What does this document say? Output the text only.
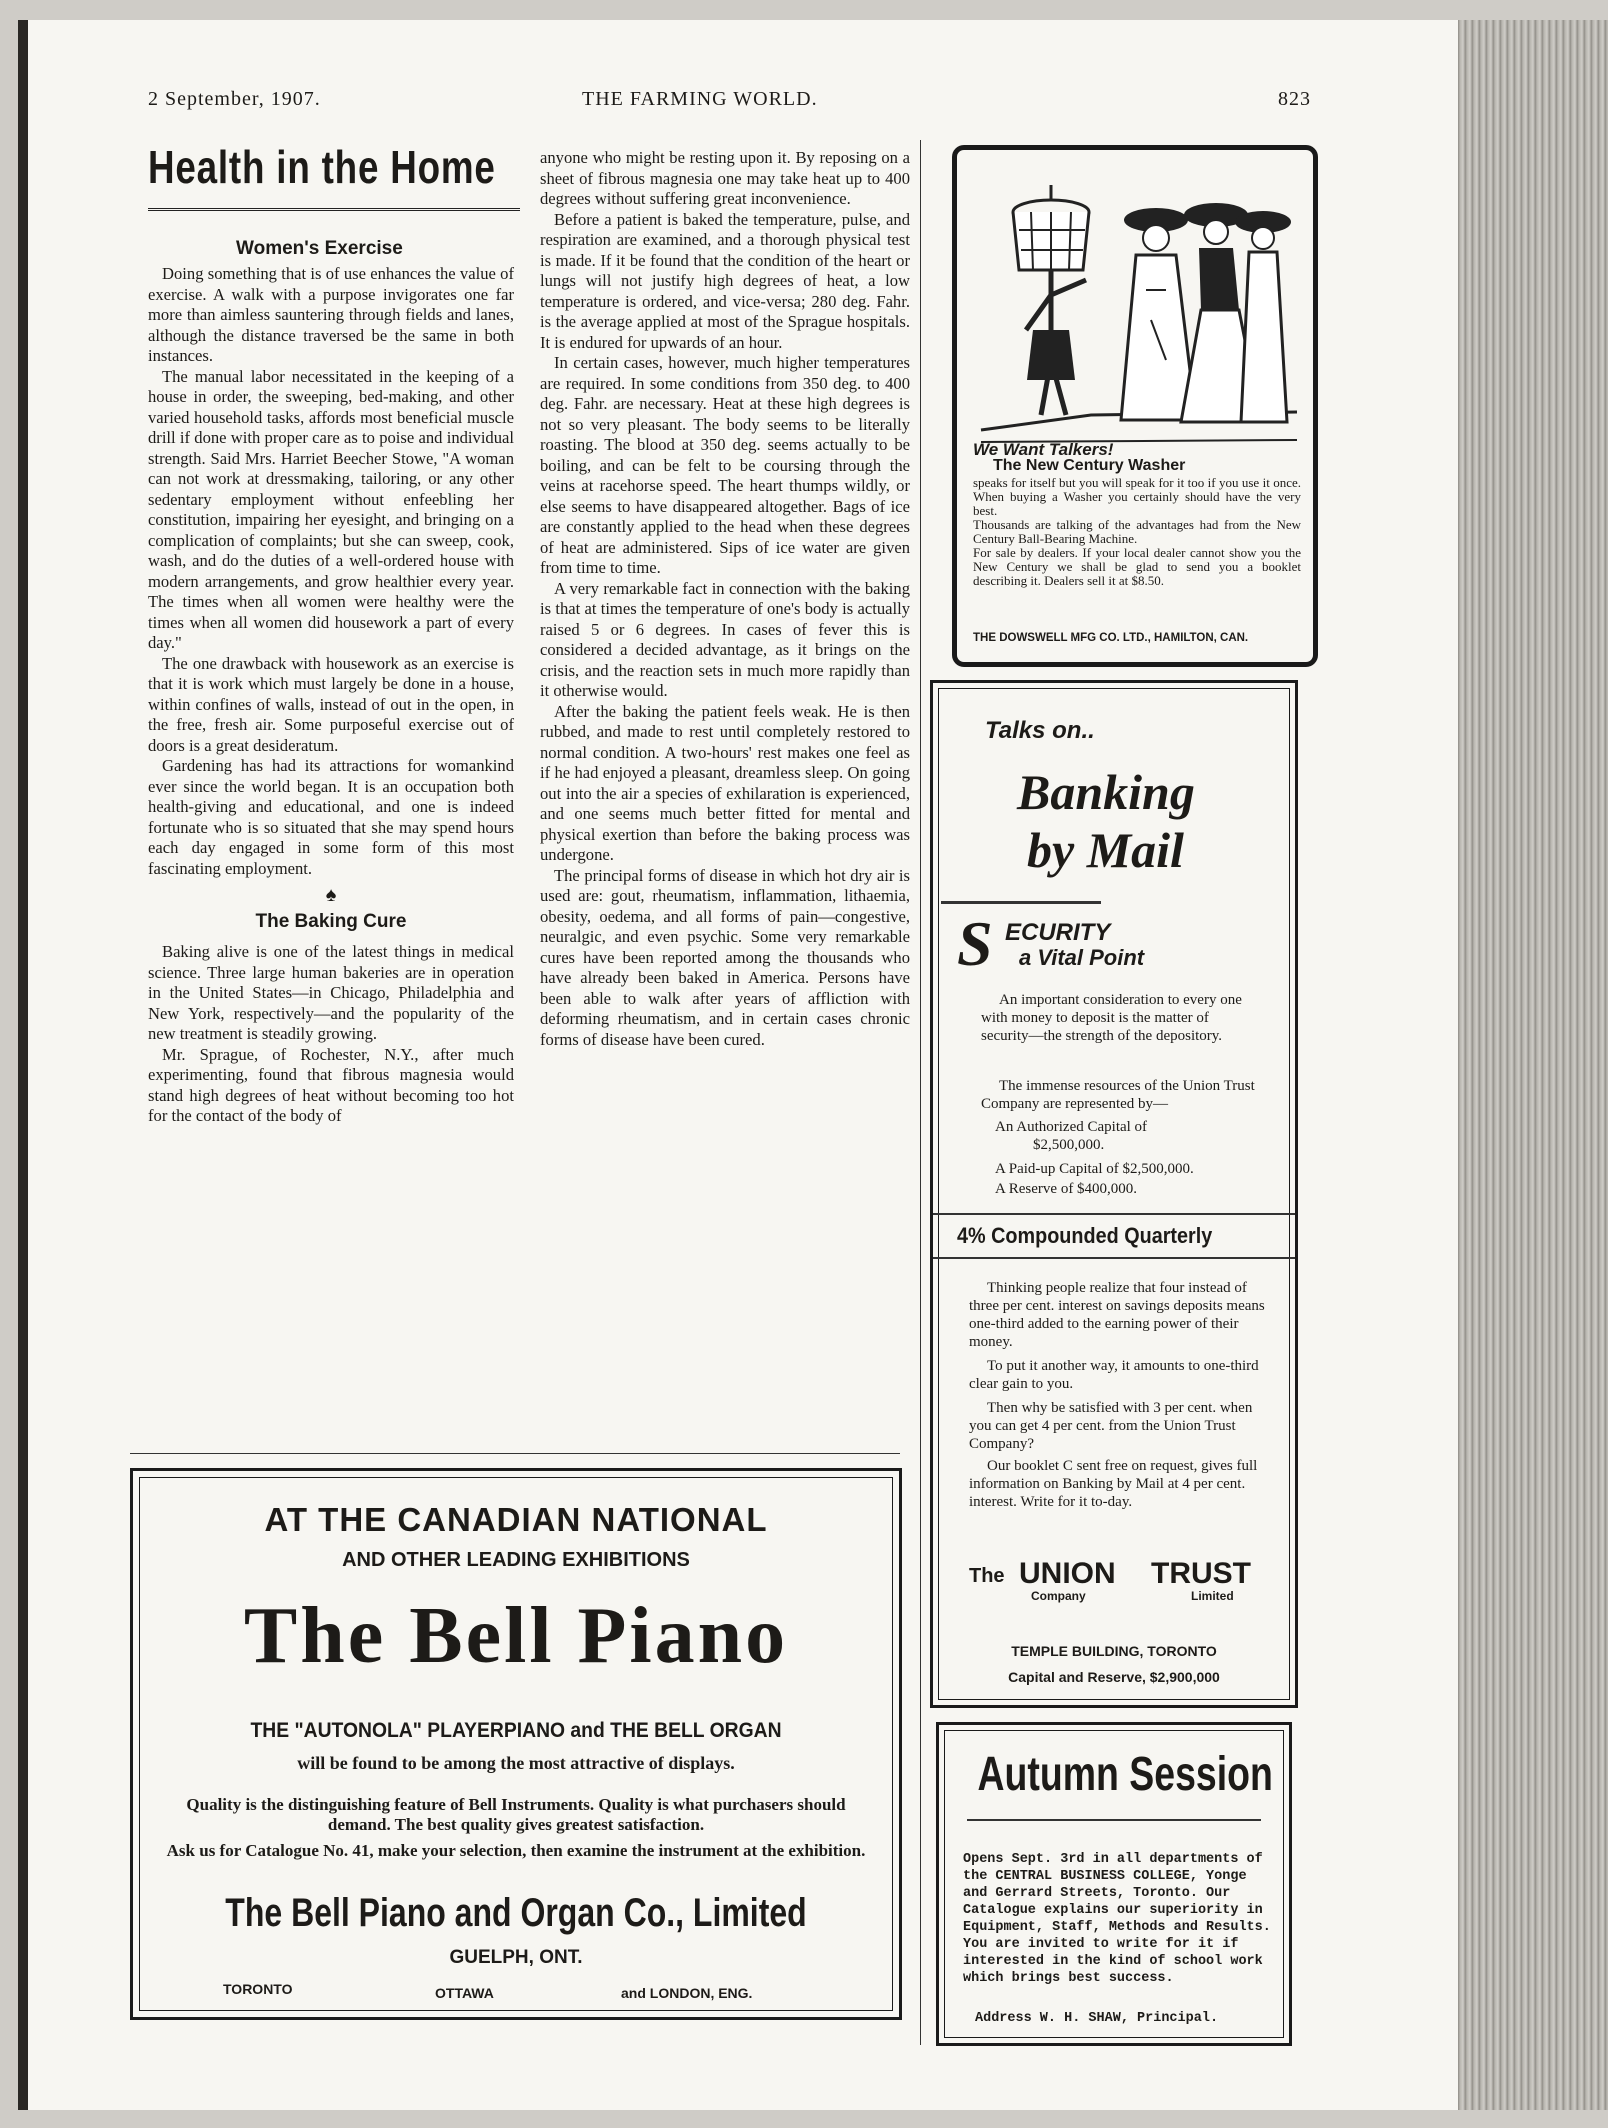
2 September, 1907.	THE FARMING WORLD.	823
Health in the Home
Women's Exercise

Doing something that is of use enhances the value of exercise. A walk with a purpose invigorates one far more than aimless sauntering through fields and lanes, although the distance traversed be the same in both instances.

The manual labor necessitated in the keeping of a house in order, the sweeping, bed-making, and other varied household tasks, affords most beneficial muscle drill if done with proper care as to poise and individual strength. Said Mrs. Harriet Beecher Stowe, "A woman can not work at dressmaking, tailoring, or any other sedentary employment without enfeebling her constitution, impairing her eyesight, and bringing on a complication of complaints; but she can sweep, cook, wash, and do the duties of a well-ordered house with modern arrangements, and grow healthier every year. The times when all women were healthy were the times when all women did housework a part of every day."

The one drawback with housework as an exercise is that it is work which must largely be done in a house, within confines of walls, instead of out in the open, in the free, fresh air. Some purposeful exercise out of doors is a great desideratum.

Gardening has had its attractions for womankind ever since the world began. It is an occupation both health-giving and educational, and one is indeed fortunate who is so situated that she may spend hours each day engaged in some form of this most fascinating employment.

♠
The Baking Cure

Baking alive is one of the latest things in medical science. Three large human bakeries are in operation in the United States—in Chicago, Philadelphia and New York, respectively—and the popularity of the new treatment is steadily growing.

Mr. Sprague, of Rochester, N.Y., after much experimenting, found that fibrous magnesia would stand high degrees of heat without becoming too hot for the contact of the body of

anyone who might be resting upon it. By reposing on a sheet of fibrous magnesia one may take heat up to 400 degrees without suffering great inconvenience.

Before a patient is baked the temperature, pulse, and respiration are examined, and a thorough physical test is made. If it be found that the condition of the heart or lungs will not justify high degrees of heat, a low temperature is ordered, and vice-versa; 280 deg. Fahr. is the average applied at most of the Sprague hospitals. It is endured for upwards of an hour.

In certain cases, however, much higher temperatures are required. In some conditions from 350 deg. to 400 deg. Fahr. are necessary. Heat at these high degrees is not so very pleasant. The body seems to be literally roasting. The blood at 350 deg. seems actually to be boiling, and can be felt to be coursing through the veins at racehorse speed. The heart thumps wildly, or else seems to have disappeared altogether. Bags of ice are constantly applied to the head when these degrees of heat are administered. Sips of ice water are given from time to time.

A very remarkable fact in connection with the baking is that at times the temperature of one's body is actually raised 5 or 6 degrees. In cases of fever this is considered a decided advantage, as it brings on the crisis, and the reaction sets in much more rapidly than it otherwise would.

After the baking the patient feels weak. He is then rubbed, and made to rest until completely restored to normal condition. A two-hours' rest makes one feel as if he had enjoyed a pleasant, dreamless sleep. On going out into the air a species of exhilaration is experienced, and one seems much better fitted for mental and physical exertion than before the baking process was undergone.

The principal forms of disease in which hot dry air is used are: gout, rheumatism, inflammation, lithaemia, obesity, oedema, and all forms of pain—congestive, neuralgic, and even psychic. Some very remarkable cures have been reported among the thousands who have already been baked in America. Persons have been able to walk after years of affliction with deforming rheumatism, and in certain cases chronic forms of disease have been cured.

AT THE CANADIAN NATIONAL
AND OTHER LEADING EXHIBITIONS
The Bell Piano
THE "AUTONOLA" PLAYERPIANO and THE BELL ORGAN
will be found to be among the most attractive of displays.
Quality is the distinguishing feature of Bell Instruments. Quality is what purchasers should demand. The best quality gives greatest satisfaction.
Ask us for Catalogue No. 41, make your selection, then examine the instrument at the exhibition.
The Bell Piano and Organ Co., Limited
GUELPH, ONT.
TORONTO	OTTAWA	and LONDON, ENG.
We Want Talkers!
The New Century Washer
speaks for itself but you will speak for it too if you use it once. When buying a Washer you certainly should have the very best.
Thousands are talking of the advantages had from the New Century Ball-Bearing Machine.
For sale by dealers. If your local dealer cannot show you the New Century we shall be glad to send you a booklet describing it. Dealers sell it at $8.50.
THE DOWSWELL MFG CO. LTD., HAMILTON, CAN.
Talks on..
Banking
by Mail
S ECURITY
a Vital Point
An important consideration to every one with money to deposit is the matter of security—the strength of the depository.
The immense resources of the Union Trust Company are represented by—
An Authorized Capital of
$2,500,000.
A Paid-up Capital of $2,500,000.
A Reserve of $400,000.
4% Compounded Quarterly
Thinking people realize that four instead of three per cent. interest on savings deposits means one-third added to the earning power of their money.
To put it another way, it amounts to one-third clear gain to you.
Then why be satisfied with 3 per cent. when you can get 4 per cent. from the Union Trust Company?
Our booklet C sent free on request, gives full information on Banking by Mail at 4 per cent. interest. Write for it to-day.
The UNION
Company
TRUST
Limited
TEMPLE BUILDING, TORONTO
Capital and Reserve, $2,900,000
Autumn Session
Opens Sept. 3rd in all departments of the CENTRAL BUSINESS COLLEGE, Yonge and Gerrard Streets, Toronto. Our Catalogue explains our superiority in Equipment, Staff, Methods and Results. You are invited to write for it if interested in the kind of school work which brings best success.
Address W. H. SHAW, Principal.
